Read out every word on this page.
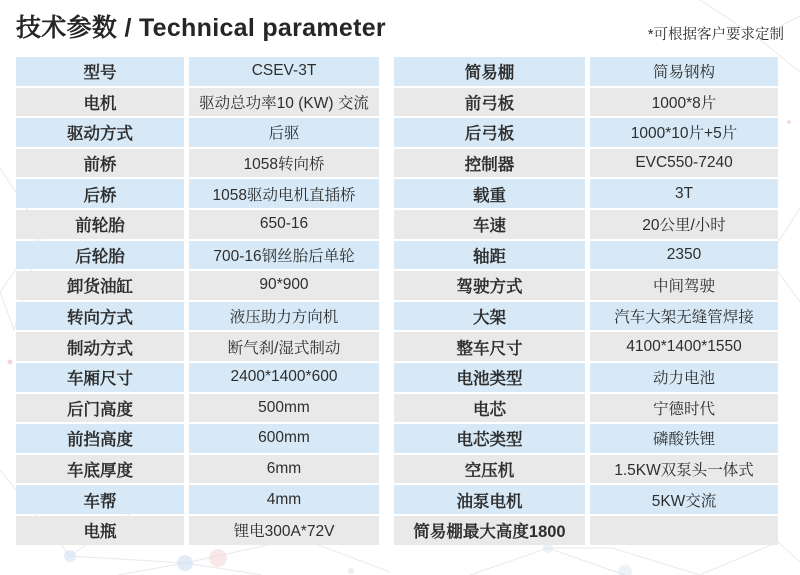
技术参数 / Technical parameter	*可根据客户要求定制
型号	CSEV-3T
电机	驱动总功率10 (KW) 交流
驱动方式	后驱
前桥	1058转向桥
后桥	1058驱动电机直插桥
前轮胎	650-16
后轮胎	700-16钢丝胎后单轮
卸货油缸	90*900
转向方式	液压助力方向机
制动方式	断气刹/湿式制动
车厢尺寸	2400*1400*600
后门高度	500mm
前挡高度	600mm
车底厚度	6mm
车帮	4mm
电瓶	锂电300A*72V
简易棚	简易钢构
前弓板	1000*8片
后弓板	1000*10片+5片
控制器	EVC550-7240
载重	3T
车速	20公里/小时
轴距	2350
驾驶方式	中间驾驶
大架	汽车大架无缝管焊接
整车尺寸	4100*1400*1550
电池类型	动力电池
电芯	宁德时代
电芯类型	磷酸铁锂
空压机	1.5KW双泵头一体式
油泵电机	5KW交流
简易棚最大高度1800
